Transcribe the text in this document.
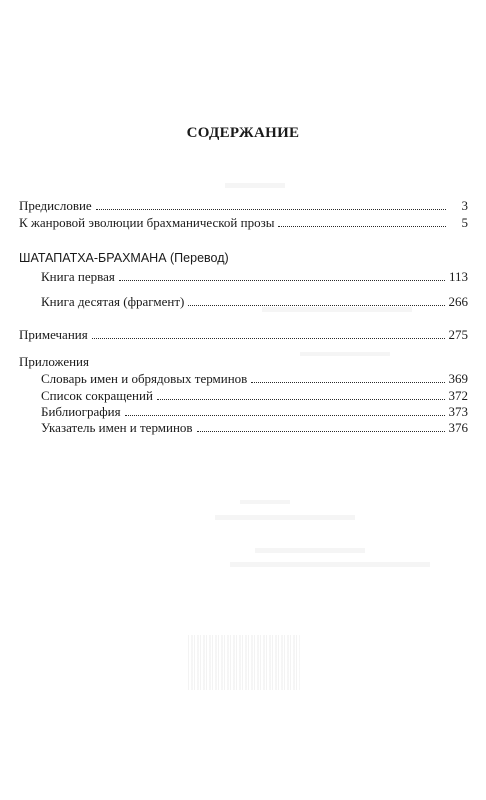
СОДЕРЖАНИЕ
Предисловие	3
К жанровой эволюции брахманической прозы	5
ШАТАПАТХА-БРАХМАНА (Перевод)
Книга первая	113
Книга десятая (фрагмент)	266
Примечания	275
Приложения
Словарь имен и обрядовых терминов	369
Список сокращений	372
Библиография	373
Указатель имен и терминов	376
